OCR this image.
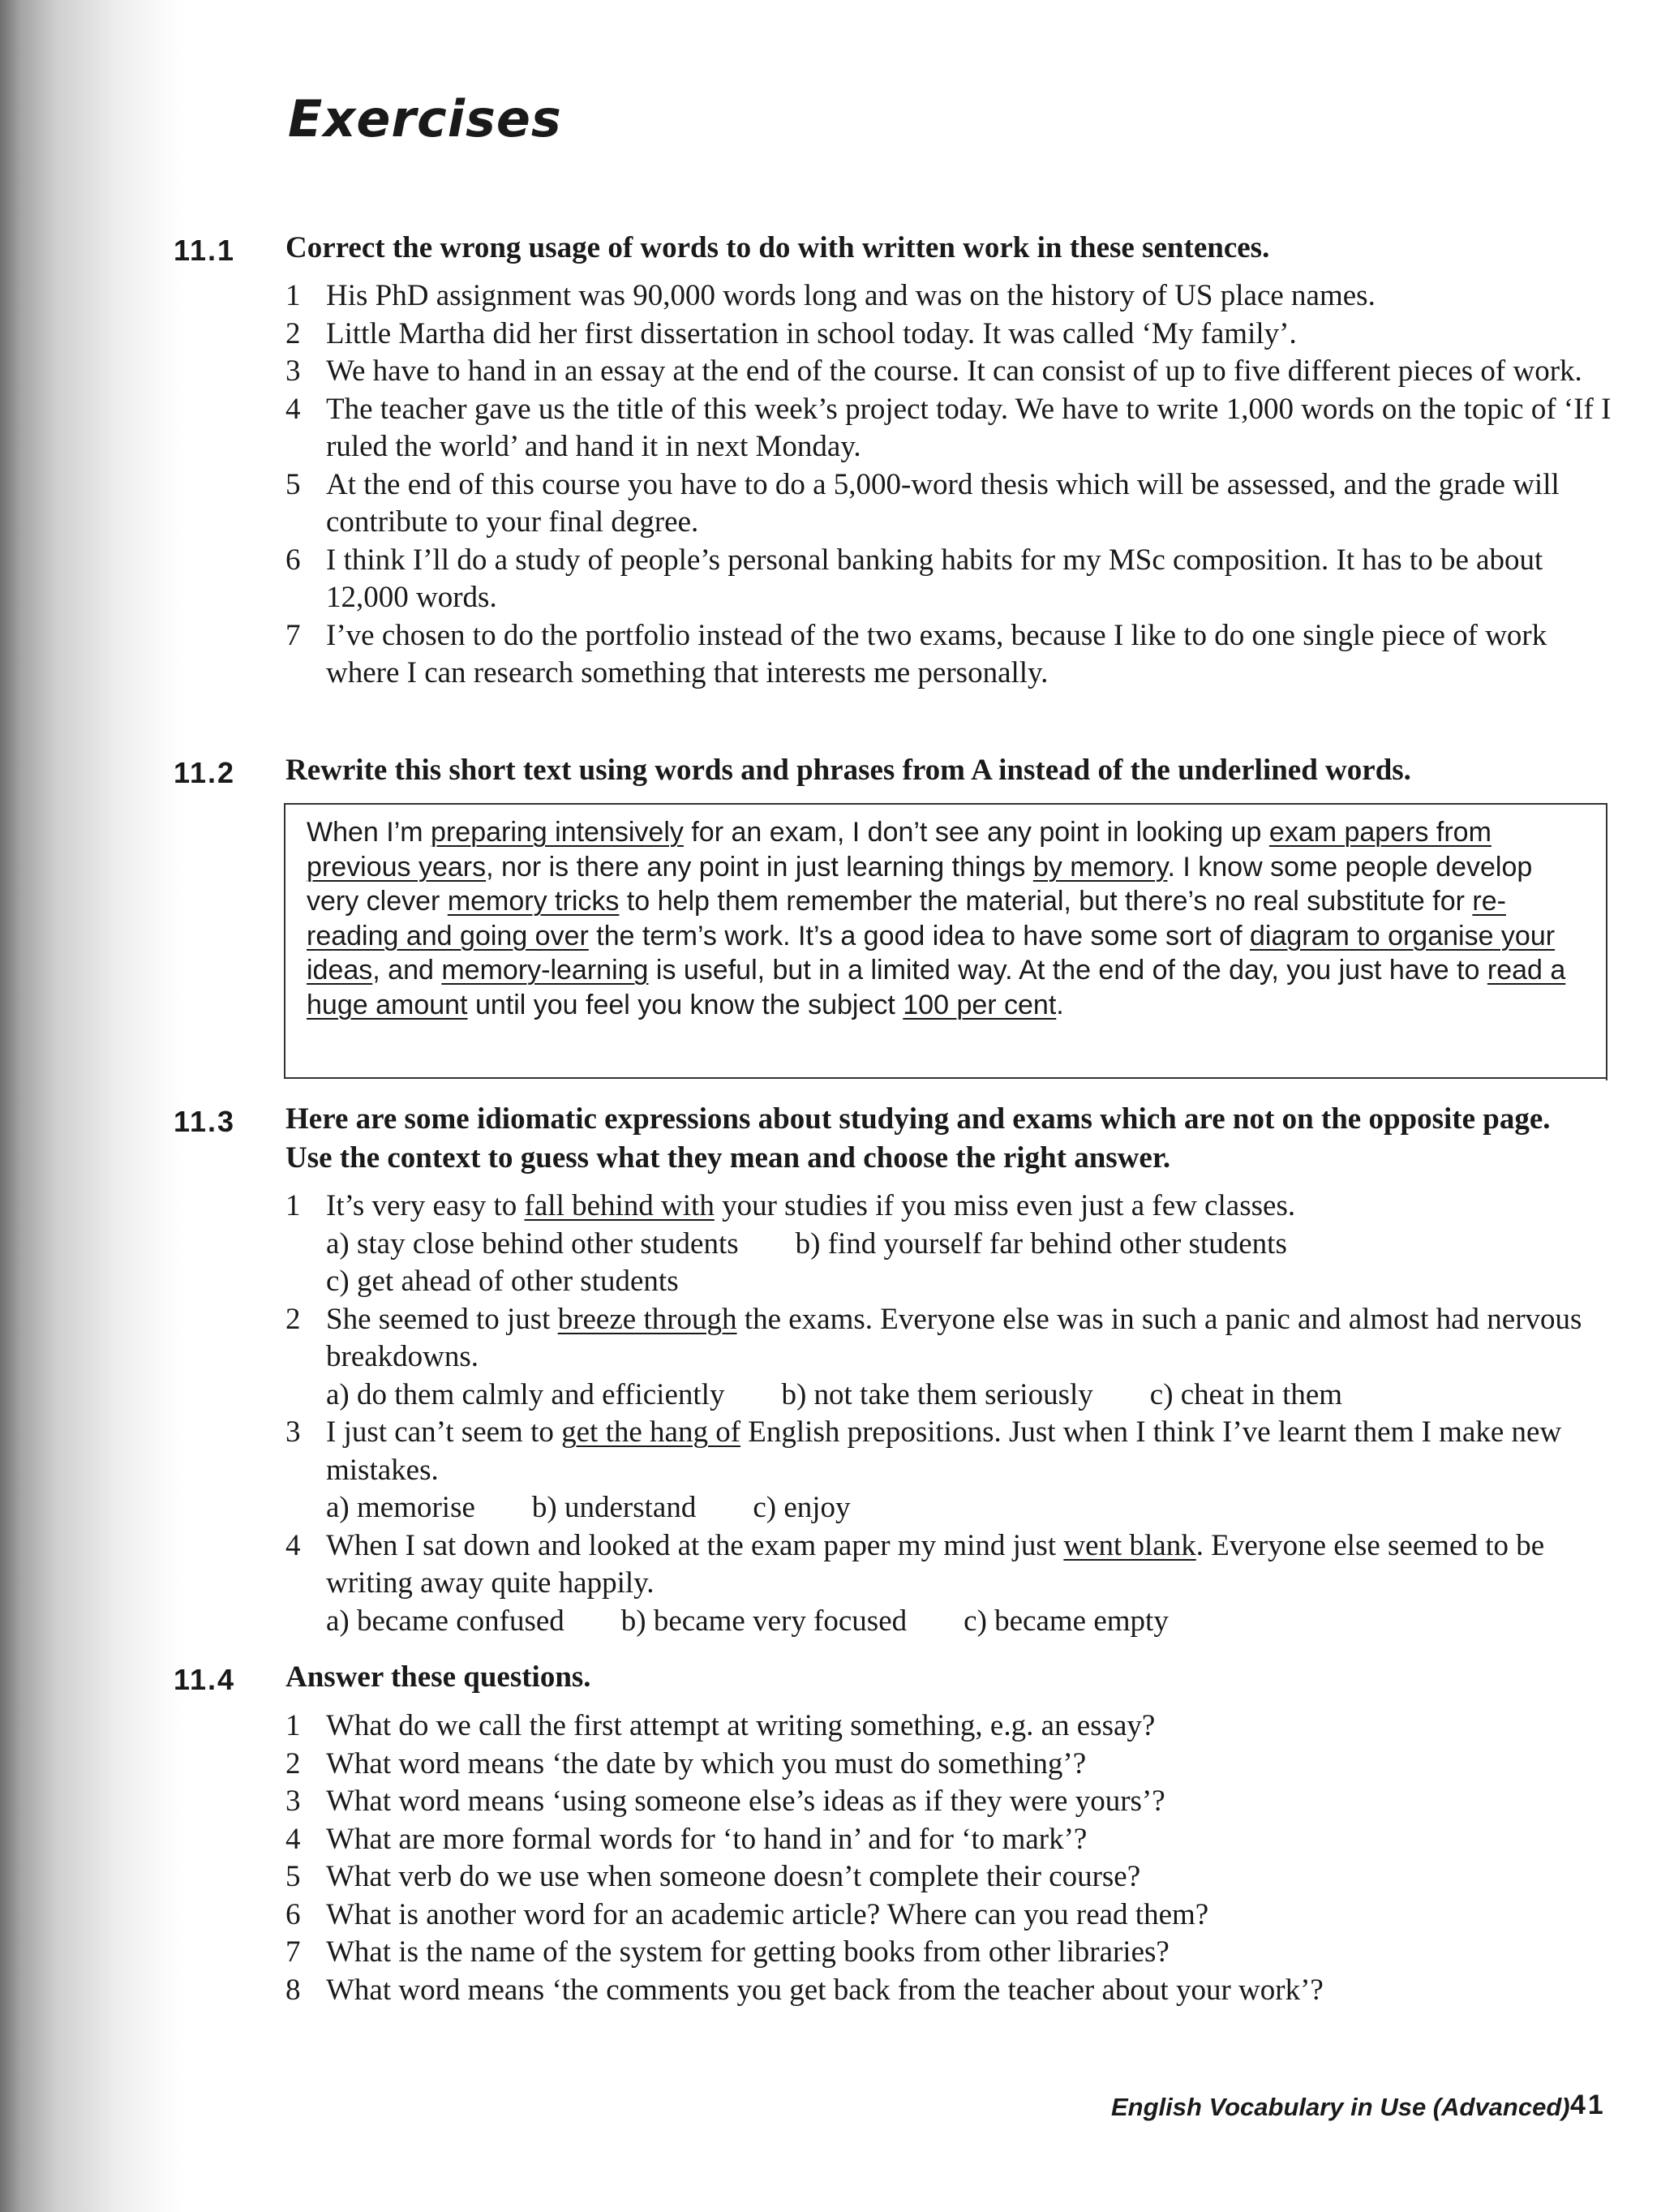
Exercises
11.1 Correct the wrong usage of words to do with written work in these sentences.

1 His PhD assignment was 90,000 words long and was on the history of US place names.
2 Little Martha did her first dissertation in school today. It was called ‘My family’.
3 We have to hand in an essay at the end of the course. It can consist of up to five different pieces of work.
4 The teacher gave us the title of this week’s project today. We have to write 1,000 words on the topic of ‘If I ruled the world’ and hand it in next Monday.
5 At the end of this course you have to do a 5,000-word thesis which will be assessed, and the grade will contribute to your final degree.
6 I think I’ll do a study of people’s personal banking habits for my MSc composition. It has to be about 12,000 words.
7 I’ve chosen to do the portfolio instead of the two exams, because I like to do one single piece of work where I can research something that interests me personally.
11.2 Rewrite this short text using words and phrases from A instead of the underlined words.

When I’m preparing intensively for an exam, I don’t see any point in looking up exam papers from previous years, nor is there any point in just learning things by memory. I know some people develop very clever memory tricks to help them remember the material, but there’s no real substitute for re-reading and going over the term’s work. It’s a good idea to have some sort of diagram to organise your ideas, and memory-learning is useful, but in a limited way. At the end of the day, you just have to read a huge amount until you feel you know the subject 100 per cent.

11.3 Here are some idiomatic expressions about studying and exams which are not on the opposite page. Use the context to guess what they mean and choose the right answer.

1 It’s very easy to fall behind with your studies if you miss even just a few classes.
a) stay close behind other students b) find yourself far behind other students
c) get ahead of other students
2 She seemed to just breeze through the exams. Everyone else was in such a panic and almost had nervous breakdowns.
a) do them calmly and efficiently b) not take them seriously c) cheat in them
3 I just can’t seem to get the hang of English prepositions. Just when I think I’ve learnt them I make new mistakes.
a) memorise b) understand c) enjoy
4 When I sat down and looked at the exam paper my mind just went blank. Everyone else seemed to be writing away quite happily.
a) became confused b) became very focused c) became empty
11.4 Answer these questions.

1 What do we call the first attempt at writing something, e.g. an essay?
2 What word means ‘the date by which you must do something’?
3 What word means ‘using someone else’s ideas as if they were yours’?
4 What are more formal words for ‘to hand in’ and for ‘to mark’?
5 What verb do we use when someone doesn’t complete their course?
6 What is another word for an academic article? Where can you read them?
7 What is the name of the system for getting books from other libraries?
8 What word means ‘the comments you get back from the teacher about your work’?
English Vocabulary in Use (Advanced) 41
